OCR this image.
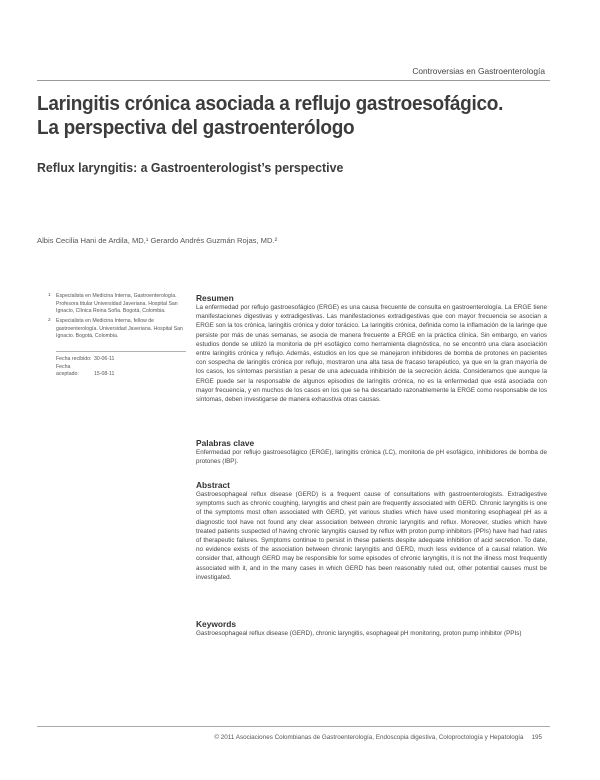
Controversias en Gastroenterología
Laringitis crónica asociada a reflujo gastroesofágico.
La perspectiva del gastroenterólogo
Reflux laryngitis: a Gastroenterologist’s perspective
Albis Cecilia Hani de Ardila, MD,¹ Gerardo Andrés Guzmán Rojas, MD.²
1 Especialista en Medicina Interna, Gastroenterología. Profesora titular Universidad Javeriana. Hospital San Ignacio, Clínica Reina Sofía. Bogotá, Colombia.
2 Especialista en Medicina Interna, fellow de gastroenterología. Universidad Javeriana. Hospital San Ignacio. Bogotá, Colombia.
Fecha recibido: 30-06-11
Fecha aceptado:	15-08-11
Resumen

La enfermedad por reflujo gastroesofágico (ERGE) es una causa frecuente de consulta en gastroenterología. La ERGE tiene manifestaciones digestivas y extradigestivas. Las manifestaciones extradigestivas que con mayor frecuencia se asocian a ERGE son la tos crónica, laringitis crónica y dolor torácico. La laringitis crónica, definida como la inflamación de la laringe que persiste por más de unas semanas, se asocia de manera frecuente a ERGE en la práctica clínica. Sin embargo, en varios estudios donde se utilizó la monitoria de pH esofágico como herramienta diagnóstica, no se encontró una clara asociación entre laringitis crónica y reflujo. Además, estudios en los que se manejaron inhibidores de bomba de protones en pacientes con sospecha de laringitis crónica por reflujo, mostraron una alta tasa de fracaso terapéutico, ya que en la gran mayoría de los casos, los síntomas persistían a pesar de una adecuada inhibición de la secreción ácida. Consideramos que aunque la ERGE puede ser la responsable de algunos episodios de laringitis crónica, no es la enfermedad que está asociada con mayor frecuencia, y en muchos de los casos en los que se ha descartado razonablemente la ERGE como responsable de los síntomas, deben investigarse de manera exhaustiva otras causas.

Palabras clave

Enfermedad por reflujo gastroesofágico (ERGE), laringitis crónica (LC), monitoria de pH esofágico, inhibidores de bomba de protones (IBP).

Abstract

Gastroesophageal reflux disease (GERD) is a frequent cause of consultations with gastroenterologists. Extradigestive symptoms such as chronic coughing, laryngitis and chest pain are frequently associated with GERD. Chronic laryngitis is one of the symptoms most often associated with GERD, yet various studies which have used monitoring esophageal pH as a diagnostic tool have not found any clear association between chronic laryngitis and reflux. Moreover, studies which have treated patients suspected of having chronic laryngitis caused by reflux with proton pump inhibitors (PPIs) have had had rates of therapeutic failures. Symptoms continue to persist in these patients despite adequate inhibition of acid secretion. To date, no evidence exists of the association between chronic laryngitis and GERD, much less evidence of a causal relation. We consider that, although GERD may be responsible for some episodes of chronic laryngitis, it is not the illness most frequently associated with it, and in the many cases in which GERD has been reasonably ruled out, other potential causes must be investigated.

Keywords

Gastroesophageal reflux disease (GERD), chronic laryngitis, esophageal pH monitoring, proton pump inhibitor (PPIs)

© 2011 Asociaciones Colombianas de Gastroenterología, Endoscopia digestiva, Coloproctología y Hepatología 195
